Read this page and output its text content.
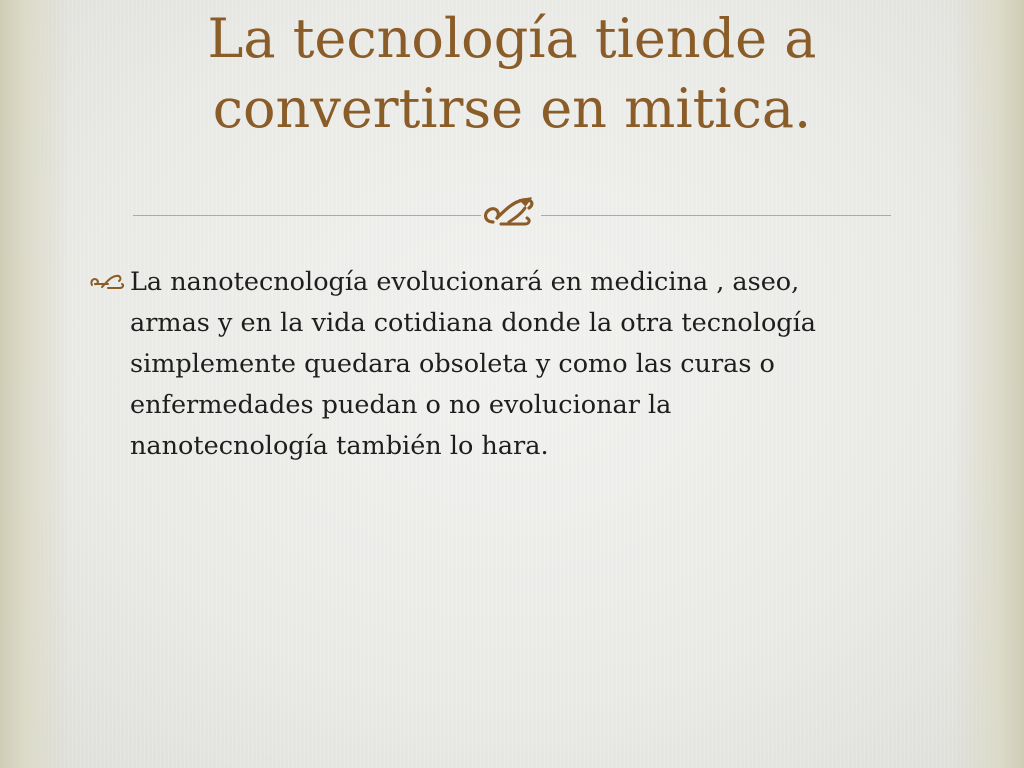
La tecnología tiende a
convertirse en mitica.

La nanotecnología evolucionará en medicina , aseo,
armas y en la vida cotidiana donde la otra tecnología
simplemente quedara obsoleta y como las curas o
enfermedades puedan o no evolucionar la
nanotecnología también lo hara.
